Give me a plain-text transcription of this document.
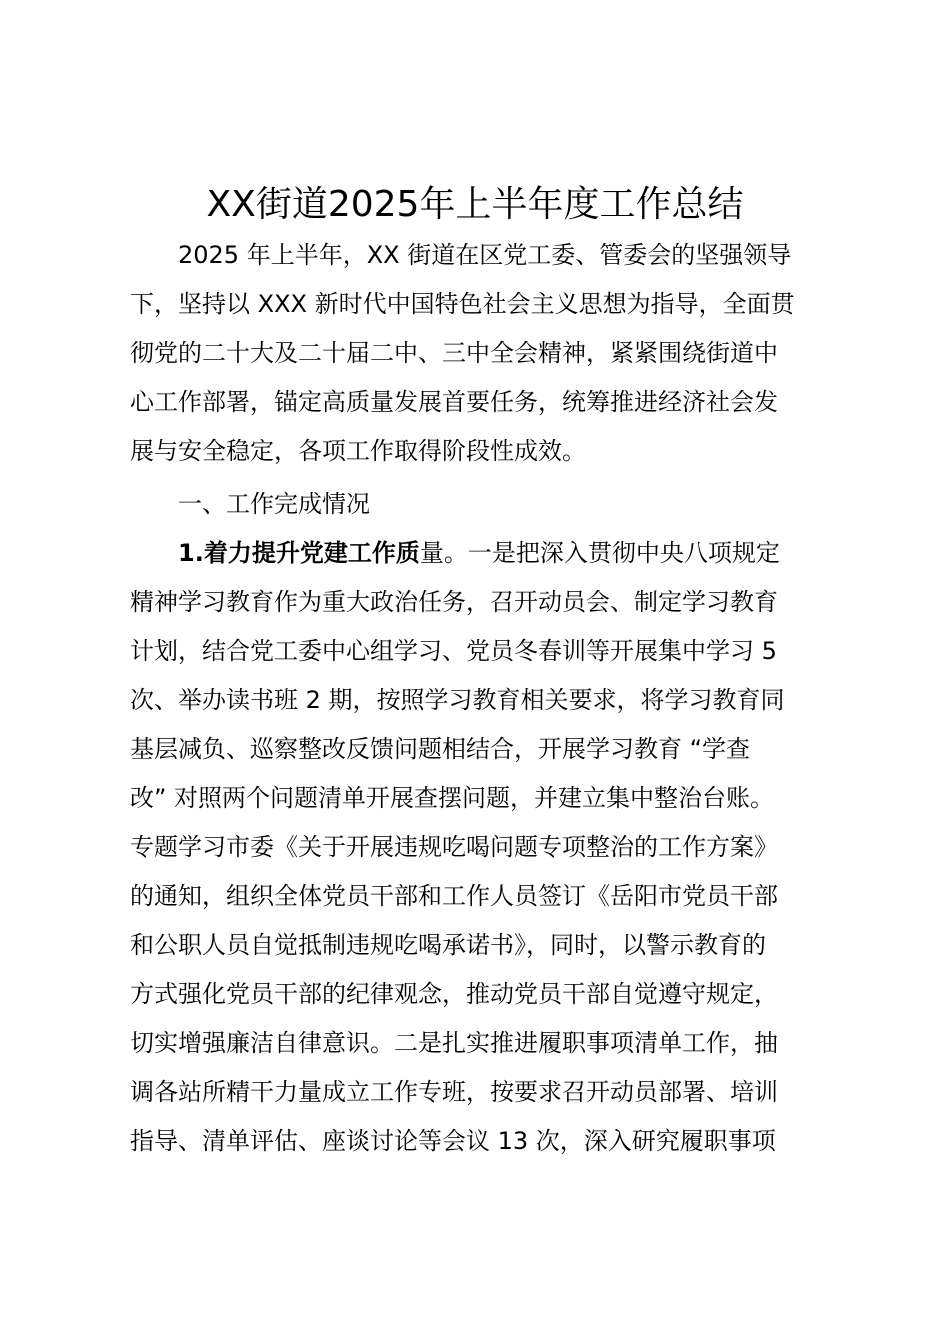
XX街道2025年上半年度工作总结
2025 年上半年，XX 街道在区党工委、管委会的坚强领导
下，坚持以 XXX 新时代中国特色社会主义思想为指导，全面贯
彻党的二十大及二十届二中、三中全会精神，紧紧围绕街道中
心工作部署，锚定高质量发展首要任务，统筹推进经济社会发
展与安全稳定，各项工作取得阶段性成效。
一、工作完成情况
1.着力提升党建工作质量。一是把深入贯彻中央八项规定
精神学习教育作为重大政治任务，召开动员会、制定学习教育
计划，结合党工委中心组学习、党员冬春训等开展集中学习 5
次、举办读书班 2 期，按照学习教育相关要求，将学习教育同
基层减负、巡察整改反馈问题相结合，开展学习教育 “学查
改” 对照两个问题清单开展查摆问题，并建立集中整治台账。
专题学习市委《关于开展违规吃喝问题专项整治的工作方案》
的通知，组织全体党员干部和工作人员签订《岳阳市党员干部
和公职人员自觉抵制违规吃喝承诺书》，同时，以警示教育的
方式强化党员干部的纪律观念，推动党员干部自觉遵守规定，
切实增强廉洁自律意识。二是扎实推进履职事项清单工作，抽
调各站所精干力量成立工作专班，按要求召开动员部署、培训
指导、清单评估、座谈讨论等会议 13 次，深入研究履职事项
